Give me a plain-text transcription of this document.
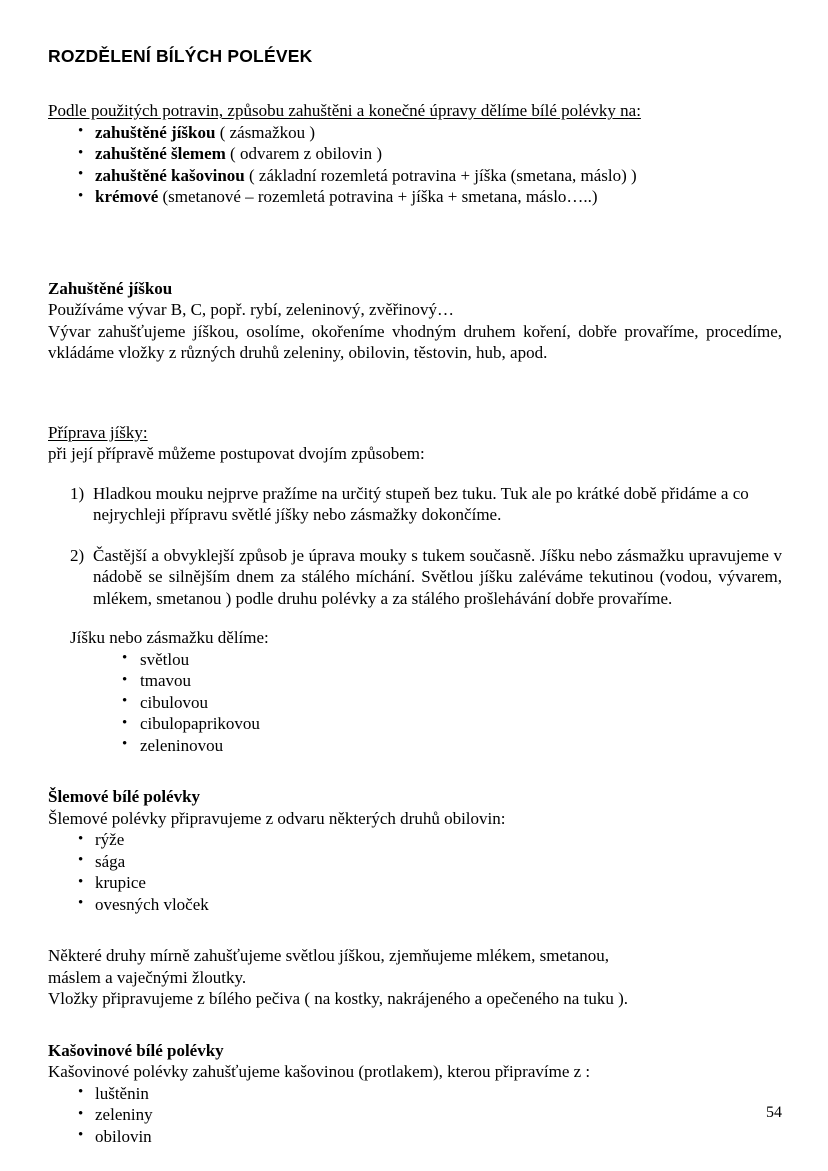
ROZDĚLENÍ BÍLÝCH POLÉVEK

Podle použitých potravin, způsobu zahuštěni a konečné úpravy dělíme bílé polévky na:

• zahuštěné jíškou ( zásmažkou )
• zahuštěné šlemem ( odvarem z obilovin )
• zahuštěné kašovinou ( základní rozemletá potravina + jíška (smetana, máslo) )
• krémové (smetanové – rozemletá potravina + jíška + smetana, máslo…..)

Zahuštěné jíškou

Používáme vývar B, C, popř. rybí, zeleninový, zvěřinový…

Vývar zahušťujeme jíškou, osolíme, okořeníme vhodným druhem koření, dobře provaříme, procedíme, vkládáme vložky z různých druhů zeleniny, obilovin, těstovin, hub, apod.

Příprava jíšky:

při její přípravě můžeme postupovat dvojím způsobem:

1) Hladkou mouku nejprve pražíme na určitý stupeň bez tuku. Tuk ale po krátké době přidáme a co nejrychleji přípravu světlé jíšky nebo zásmažky dokončíme.
2) Častější a obvyklejší způsob je úprava mouky s tukem současně. Jíšku nebo zásmažku upravujeme v nádobě se silnějším dnem za stálého míchání. Světlou jíšku zaléváme tekutinou (vodou, vývarem, mlékem, smetanou ) podle druhu polévky a za stálého prošlehávání dobře provaříme.

Jíšku nebo zásmažku dělíme:

• světlou
• tmavou
• cibulovou
• cibulopaprikovou
• zeleninovou

Šlemové bílé polévky

Šlemové polévky připravujeme z odvaru některých druhů obilovin:

• rýže
• sága
• krupice
• ovesných vloček

Některé druhy mírně zahušťujeme světlou jíškou, zjemňujeme mlékem, smetanou,

máslem a vaječnými žloutky.

Vložky připravujeme z bílého pečiva ( na kostky, nakrájeného a opečeného na tuku ).

Kašovinové bílé polévky

Kašovinové polévky zahušťujeme kašovinou (protlakem), kterou připravíme z :

• luštěnin
• zeleniny
• obilovin
54
